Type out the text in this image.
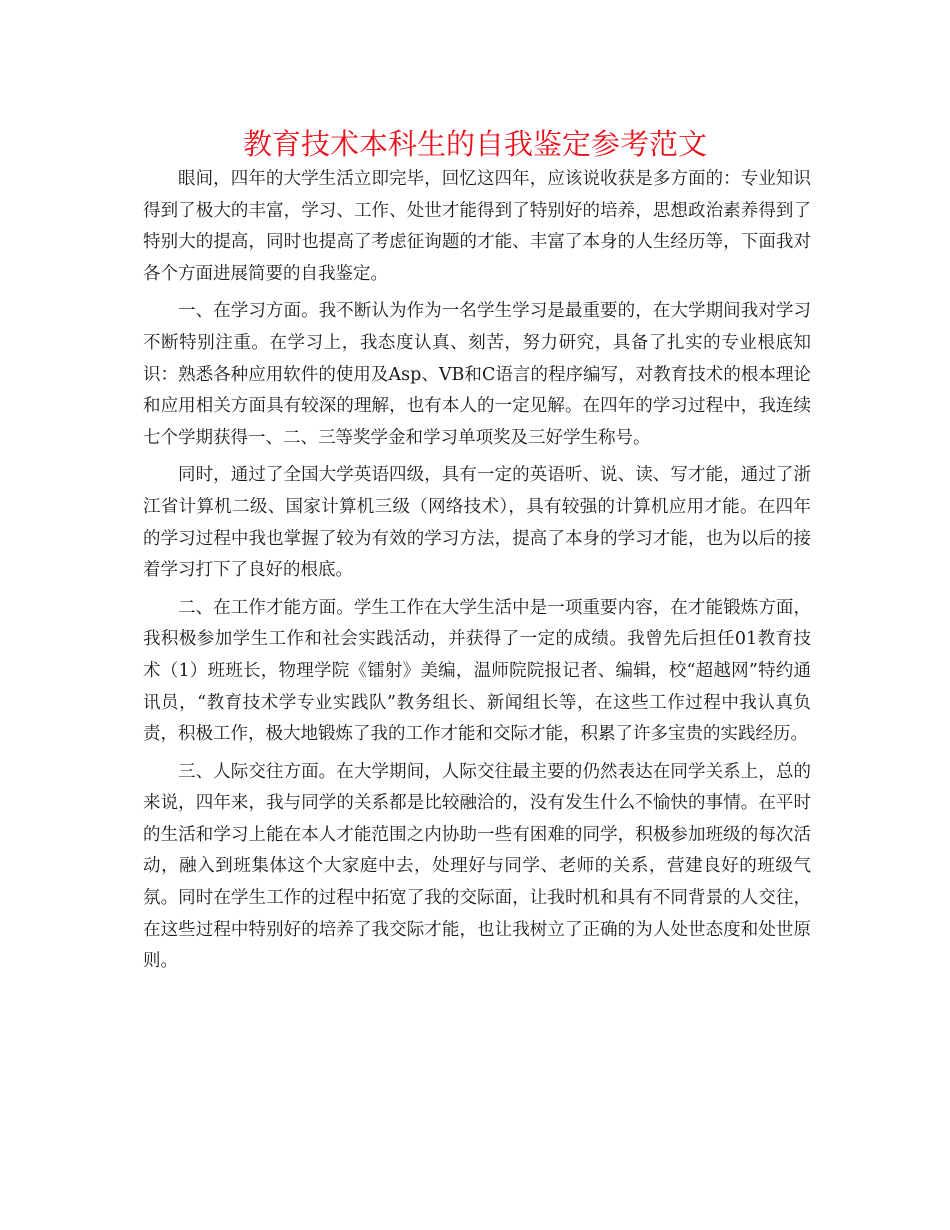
教育技术本科生的自我鉴定参考范文

眼间，四年的大学生活立即完毕，回忆这四年，应该说收获是多方面的：专业知识得到了极大的丰富，学习、工作、处世才能得到了特别好的培养，思想政治素养得到了特别大的提高，同时也提高了考虑征询题的才能、丰富了本身的人生经历等，下面我对各个方面进展简要的自我鉴定。

一、在学习方面。我不断认为作为一名学生学习是最重要的，在大学期间我对学习不断特别注重。在学习上，我态度认真、刻苦，努力研究，具备了扎实的专业根底知识：熟悉各种应用软件的使用及Asp、VB和C语言的程序编写，对教育技术的根本理论和应用相关方面具有较深的理解，也有本人的一定见解。在四年的学习过程中，我连续七个学期获得一、二、三等奖学金和学习单项奖及三好学生称号。

同时，通过了全国大学英语四级，具有一定的英语听、说、读、写才能，通过了浙江省计算机二级、国家计算机三级（网络技术），具有较强的计算机应用才能。在四年的学习过程中我也掌握了较为有效的学习方法，提高了本身的学习才能，也为以后的接着学习打下了良好的根底。

二、在工作才能方面。学生工作在大学生活中是一项重要内容，在才能锻炼方面，我积极参加学生工作和社会实践活动，并获得了一定的成绩。我曾先后担任01教育技术（1）班班长，物理学院《镭射》美编，温师院院报记者、编辑，校“超越网”特约通讯员，“教育技术学专业实践队”教务组长、新闻组长等，在这些工作过程中我认真负责，积极工作，极大地锻炼了我的工作才能和交际才能，积累了许多宝贵的实践经历。

三、人际交往方面。在大学期间，人际交往最主要的仍然表达在同学关系上，总的来说，四年来，我与同学的关系都是比较融洽的，没有发生什么不愉快的事情。在平时的生活和学习上能在本人才能范围之内协助一些有困难的同学，积极参加班级的每次活动，融入到班集体这个大家庭中去，处理好与同学、老师的关系，营建良好的班级气氛。同时在学生工作的过程中拓宽了我的交际面，让我时机和具有不同背景的人交往，在这些过程中特别好的培养了我交际才能，也让我树立了正确的为人处世态度和处世原则。
